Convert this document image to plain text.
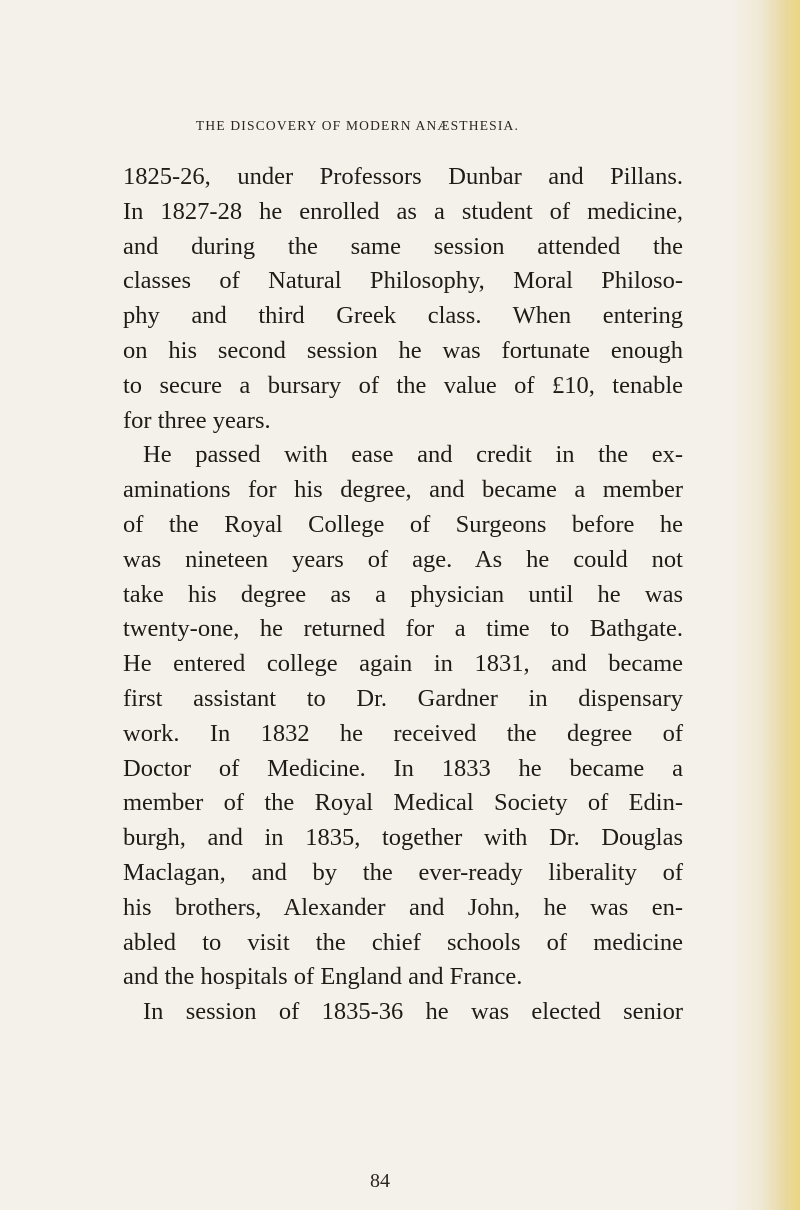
THE DISCOVERY OF MODERN ANÆSTHESIA.
1825-26, under Professors Dunbar and Pillans.
In 1827-28 he enrolled as a student of medicine,
and during the same session attended the
classes of Natural Philosophy, Moral Philoso-
phy and third Greek class. When entering
on his second session he was fortunate enough
to secure a bursary of the value of £10, tenable
for three years.
He passed with ease and credit in the ex-
aminations for his degree, and became a member
of the Royal College of Surgeons before he
was nineteen years of age. As he could not
take his degree as a physician until he was
twenty-one, he returned for a time to Bathgate.
He entered college again in 1831, and became
first assistant to Dr. Gardner in dispensary
work. In 1832 he received the degree of
Doctor of Medicine. In 1833 he became a
member of the Royal Medical Society of Edin-
burgh, and in 1835, together with Dr. Douglas
Maclagan, and by the ever-ready liberality of
his brothers, Alexander and John, he was en-
abled to visit the chief schools of medicine
and the hospitals of England and France.
In session of 1835-36 he was elected senior
84
